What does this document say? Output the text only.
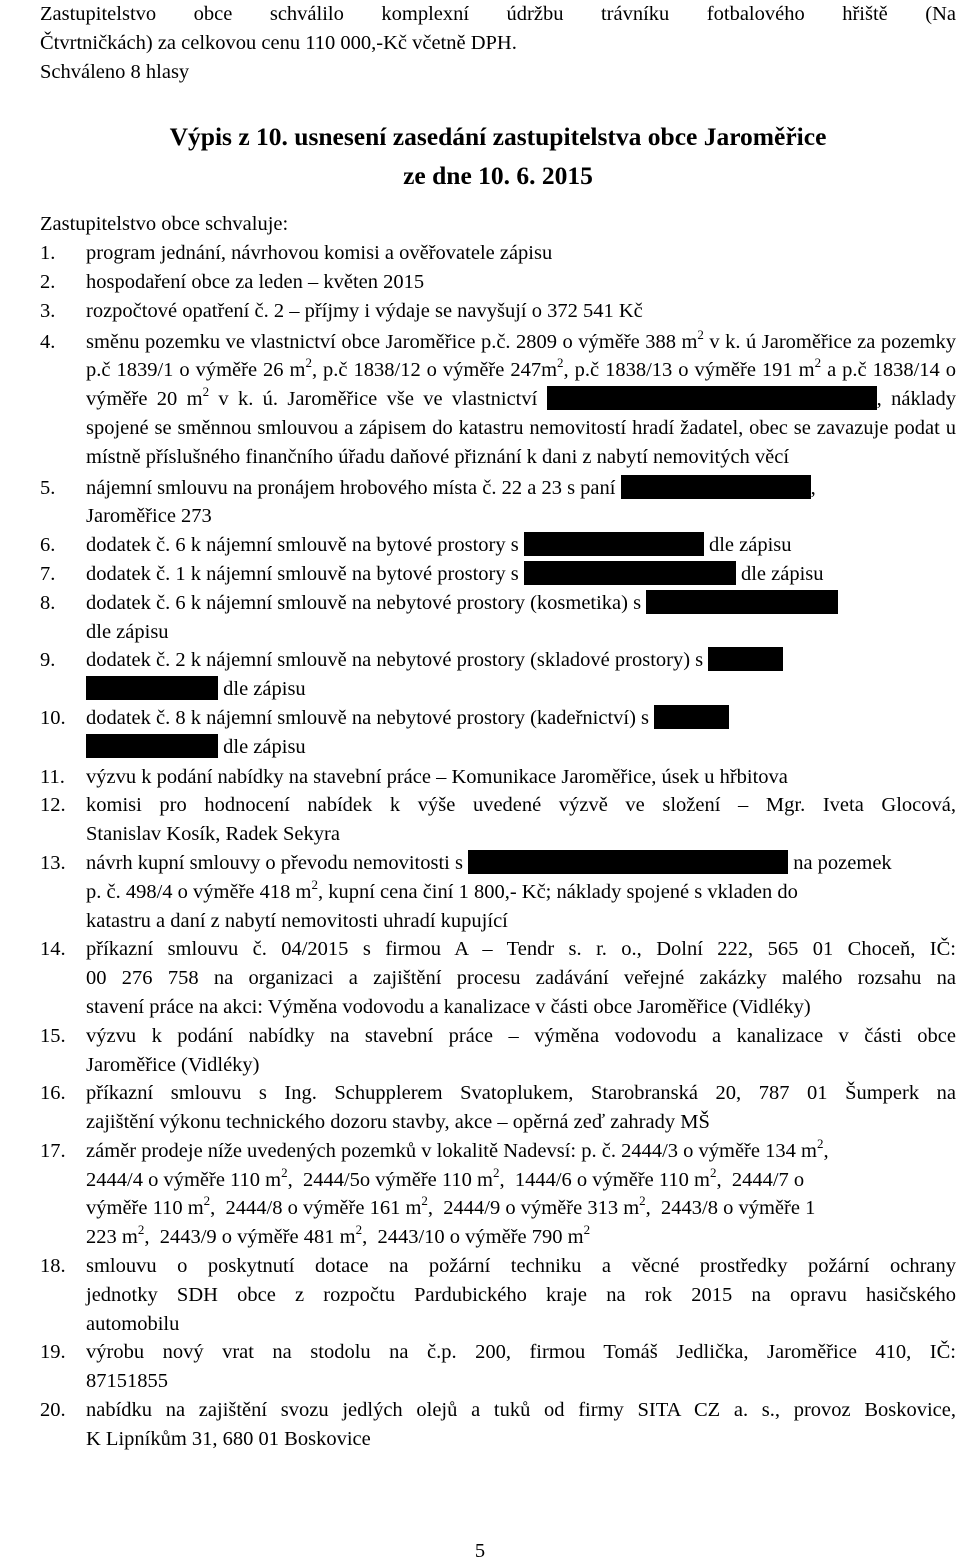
Zastupitelstvo obce schválilo komplexní údržbu trávníku fotbalového hřiště (Na
Čtvrtničkách) za celkovou cenu 110 000,-Kč včetně DPH.

Schváleno 8 hlasy

Výpis z 10. usnesení zasedání zastupitelstva obce Jaroměřice
ze dne 10. 6. 2015

Zastupitelstvo obce schvaluje:

1.	program jednání, návrhovou komisi a ověřovatele zápisu
2.	hospodaření obce za leden – květen 2015
3.	rozpočtové opatření č. 2 – příjmy i výdaje se navyšují o 372 541 Kč
4.	směnu pozemku ve vlastnictví obce Jaroměřice p.č. 2809 o výměře 388 $m^2$ v k. ú Jaroměřice za pozemky p.č 1839/1 o výměře 26 $m^2$, p.č 1838/12 o výměře $247m^2$, p.č 1838/13 o výměře 191 $m^2$ a p.č 1838/14 o výměře 20 $m^2$ v k. ú. Jaroměřice vše ve vlastnictví	, náklady spojené se směnnou smlouvou a zápisem do katastru nemovitostí hradí žadatel, obec se zavazuje podat u místně příslušného finančního úřadu daňové přiznání k dani z nabytí nemovitých věcí
5.	nájemní smlouvu na pronájem hrobového místa č. 22 a 23 s paní	,
Jaroměřice 273
6.	dodatek č. 6 k nájemní smlouvě na bytové prostory s	dle zápisu
7.	dodatek č. 1 k nájemní smlouvě na bytové prostory s	dle zápisu
8.	dodatek č. 6 k nájemní smlouvě na nebytové prostory (kosmetika) s
dle zápisu
9.	dodatek č. 2 k nájemní smlouvě na nebytové prostory (skladové prostory) s
dle zápisu
10. dodatek č. 8 k nájemní smlouvě na nebytové prostory (kadeřnictví) s
dle zápisu
11.	výzvu k podání nabídky na stavební práce – Komunikace Jaroměřice, úsek u hřbitova
12. komisi pro hodnocení nabídek k výše uvedené výzvě ve složení – Mgr. Iveta Glocová,
Stanislav Kosík, Radek Sekyra
13. návrh kupní smlouvy o převodu nemovitosti s	na pozemek
p. č. 498/4 o výměře 418 $m^2$, kupní cena činí 1 800,- Kč; náklady spojené s vkladen do
katastru a daní z nabytí nemovitosti uhradí kupující
14. příkazní smlouvu č. 04/2015 s firmou A – Tendr s. r. o., Dolní 222, 565 01 Choceň, IČ:
00 276 758 na organizaci a zajištění procesu zadávání veřejné zakázky malého rozsahu na
stavení práce na akci: Výměna vodovodu a kanalizace v části obce Jaroměřice (Vidléky)
15. výzvu k podání nabídky na stavební práce – výměna vodovodu a kanalizace v části obce
Jaroměřice (Vidléky)
16. příkazní smlouvu s Ing. Schupplerem Svatoplukem, Starobranská 20, 787 01 Šumperk na
zajištění výkonu technického dozoru stavby, akce – opěrná zeď zahrady MŠ
17. záměr prodeje níže uvedených pozemků v lokalitě Nadevsí: p. č. 2444/3 o výměře 134 $m^2$,
2444/4 o výměře 110 $m^2$, 2444/5o výměře 110 $m^2$, 1444/6 o výměře 110 $m^2$, 2444/7 o
výměře 110 $m^2$, 2444/8 o výměře 161 $m^2$, 2444/9 o výměře 313 $m^2$, 2443/8 o výměře 1
223 $m^2$, 2443/9 o výměře 481 $m^2$, 2443/10 o výměře 790 $m^2$
18. smlouvu o poskytnutí dotace na požární techniku a věcné prostředky požární ochrany
jednotky SDH obce z rozpočtu Pardubického kraje na rok 2015 na opravu hasičského
automobilu
19. výrobu nový vrat na stodolu na č.p. 200, firmou Tomáš Jedlička, Jaroměřice 410, IČ:
87151855
20. nabídku na zajištění svozu jedlých olejů a tuků od firmy SITA CZ a. s., provoz Boskovice,
K Lipníkům 31, 680 01 Boskovice
5
